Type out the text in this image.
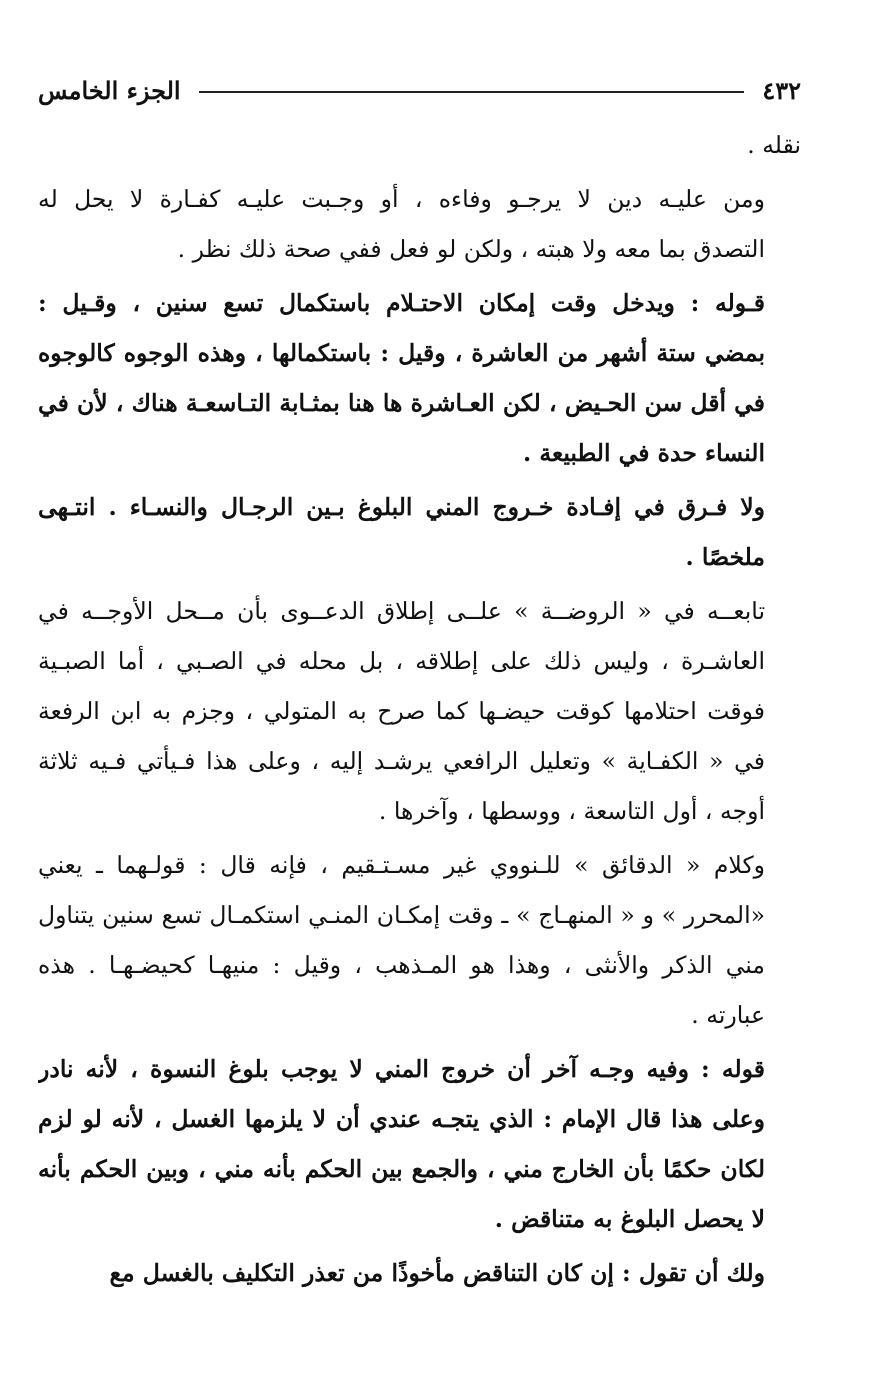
٤٣٢
الجزء الخامس
نقله .
ومن عليـه دين لا يرجـو وفاءه ، أو وجـبت عليـه كفـارة لا يحل له
التصدق بما معه ولا هبته ، ولكن لو فعل ففي صحة ذلك نظر .
قـوله : ويدخل وقت إمكان الاحتـلام باستكمال تسع سنين ، وقـيل :
بمضي ستة أشهر من العاشرة ، وقيل : باستكمالها ، وهذه الوجوه كالوجوه
في أقل سن الحـيض ، لكن العـاشرة ها هنا بمثـابة التـاسعـة هناك ، لأن في
النساء حدة في الطبيعة .
ولا فـرق في إفـادة خـروج المني البلوغ بـين الرجـال والنسـاء . انتـهى
ملخصًا .
تابعــه في « الروضــة » علــى إطلاق الدعــوى بأن مــحل الأوجــه في
العاشـرة ، وليس ذلك على إطلاقه ، بل محله في الصـبي ، أما الصبـية
فوقت احتلامها كوقت حيضـها كما صرح به المتولي ، وجزم به ابن الرفعة
في « الكفـاية » وتعليل الرافعي يرشـد إليه ، وعلى هذا فـيأتي فـيه ثلاثة
أوجه ، أول التاسعة ، ووسطها ، وآخرها .
وكلام « الدقائق » للـنووي غير مسـتـقيم ، فإنه قال : قولـهما ـ يعني
«المحرر » و « المنهـاج » ـ وقت إمكـان المنـي استكمـال تسع سنين يتناول
مني الذكر والأنثى ، وهذا هو المـذهب ، وقيل : منيهـا كحيضـهـا . هذه
عبارته .
قوله : وفيه وجـه آخر أن خروج المني لا يوجب بلوغ النسوة ، لأنه نادر
وعلى هذا قال الإمام : الذي يتجـه عندي أن لا يلزمها الغسل ، لأنه لو لزم
لكان حكمًا بأن الخارج مني ، والجمع بين الحكم بأنه مني ، وبين الحكم بأنه
لا يحصل البلوغ به متناقض .
ولك أن تقول : إن كان التناقض مأخوذًا من تعذر التكليف بالغسل مع
